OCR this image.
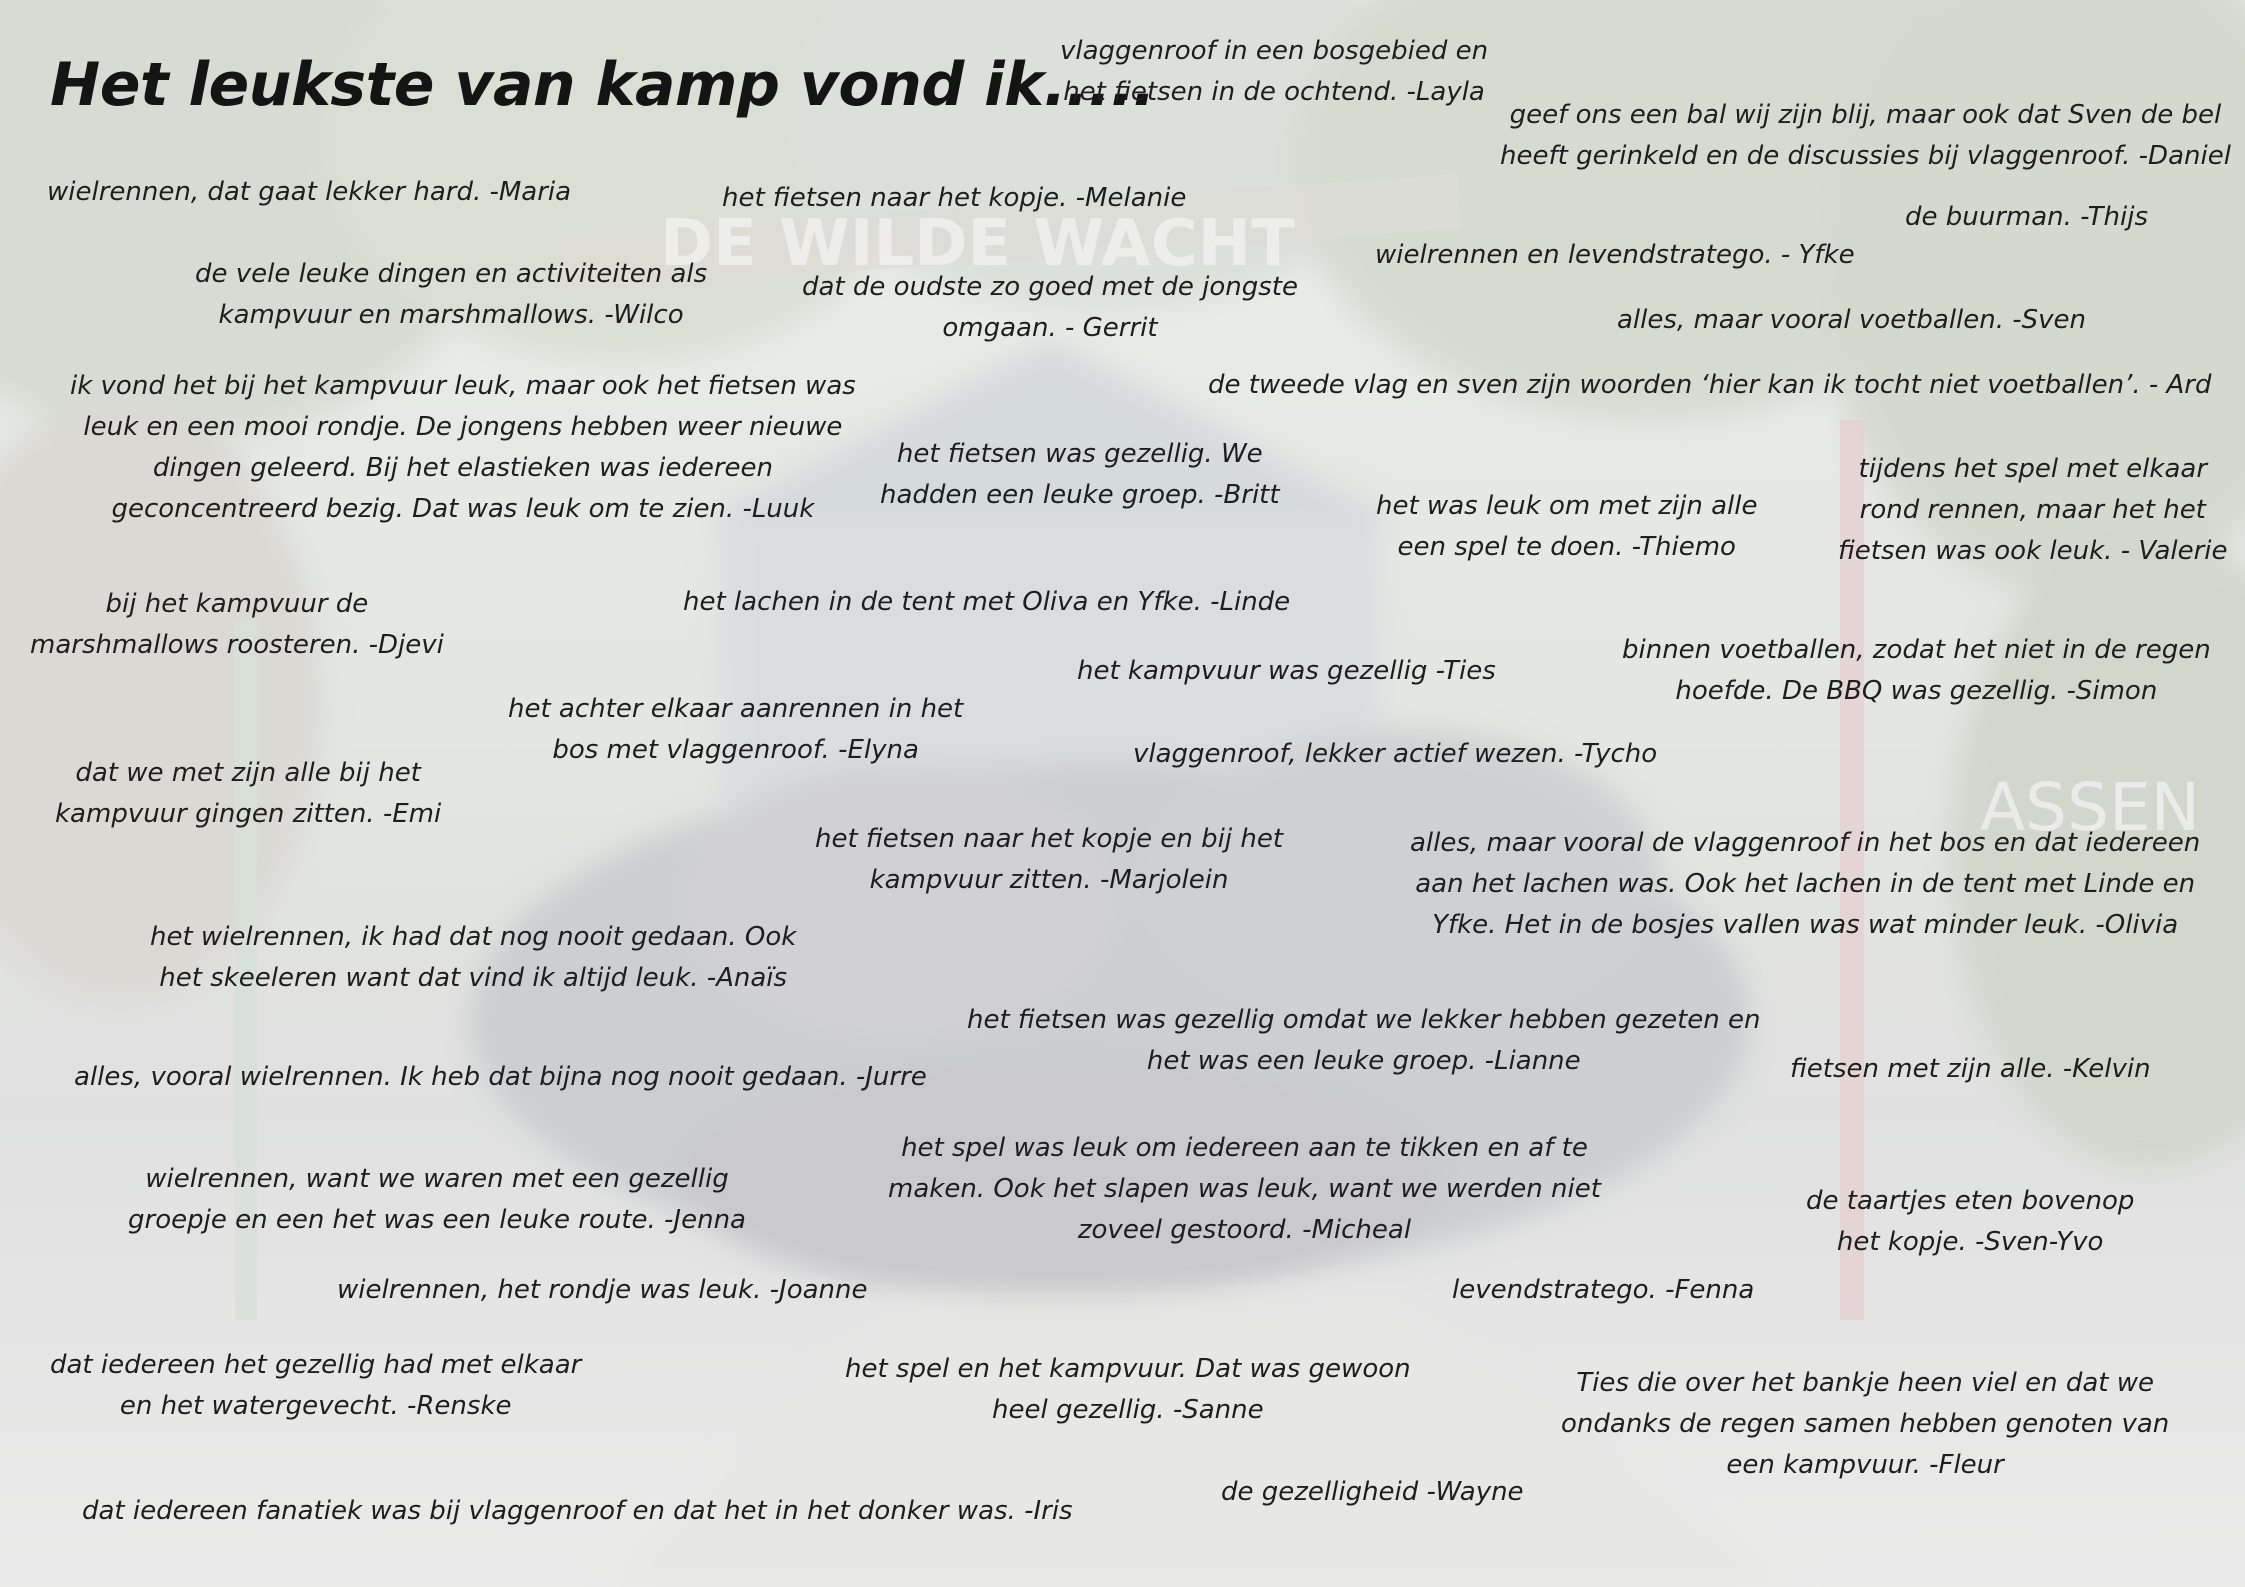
Het leukste van kamp vond ik.....
vlaggenroof in een bosgebied en
het fietsen in de ochtend. -Layla
geef ons een bal wij zijn blij, maar ook dat Sven de bel
heeft gerinkeld en de discussies bij vlaggenroof. -Daniel
wielrennen, dat gaat lekker hard. -Maria	het fietsen naar het kopje. -Melanie
de buurman. -Thijs
wielrennen en levendstratego. - Yfke
de vele leuke dingen en activiteiten als
kampvuur en marshmallows. -Wilco
dat de oudste zo goed met de jongste
omgaan. - Gerrit	alles, maar vooral voetballen. -Sven
ik vond het bij het kampvuur leuk, maar ook het fietsen was
leuk en een mooi rondje. De jongens hebben weer nieuwe
dingen geleerd. Bij het elastieken was iedereen
geconcentreerd bezig. Dat was leuk om te zien. -Luuk
de tweede vlag en sven zijn woorden ‘hier kan ik tocht niet voetballen’. - Ard
het fietsen was gezellig. We
hadden een leuke groep. -Britt	het was leuk om met zijn alle
een spel te doen. -Thiemo
tijdens het spel met elkaar
rond rennen, maar het het
fietsen was ook leuk. - Valerie
bij het kampvuur de
marshmallows roosteren. -Djevi
het lachen in de tent met Oliva en Yfke. -Linde
binnen voetballen, zodat het niet in de regen
hoefde. De BBQ was gezellig. -Simon
het kampvuur was gezellig -Ties
het achter elkaar aanrennen in het
bos met vlaggenroof. -Elyna	vlaggenroof, lekker actief wezen. -Tycho
dat we met zijn alle bij het
kampvuur gingen zitten. -Emi
het fietsen naar het kopje en bij het
kampvuur zitten. -Marjolein
alles, maar vooral de vlaggenroof in het bos en dat iedereen
aan het lachen was. Ook het lachen in de tent met Linde en
Yfke. Het in de bosjes vallen was wat minder leuk. -Olivia
het wielrennen, ik had dat nog nooit gedaan. Ook
het skeeleren want dat vind ik altijd leuk. -Anaïs
het fietsen was gezellig omdat we lekker hebben gezeten en
het was een leuke groep. -Lianne
alles, vooral wielrennen. Ik heb dat bijna nog nooit gedaan. -Jurre	fietsen met zijn alle. -Kelvin
het spel was leuk om iedereen aan te tikken en af te
maken. Ook het slapen was leuk, want we werden niet
zoveel gestoord. -Micheal
wielrennen, want we waren met een gezellig
groepje en een het was een leuke route. -Jenna
de taartjes eten bovenop
het kopje. -Sven-Yvo
wielrennen, het rondje was leuk. -Joanne	levendstratego. -Fenna
dat iedereen het gezellig had met elkaar
en het watergevecht. -Renske
het spel en het kampvuur. Dat was gewoon
heel gezellig. -Sanne
Ties die over het bankje heen viel en dat we
ondanks de regen samen hebben genoten van
een kampvuur. -Fleur
de gezelligheid -Wayne
dat iedereen fanatiek was bij vlaggenroof en dat het in het donker was. -Iris
